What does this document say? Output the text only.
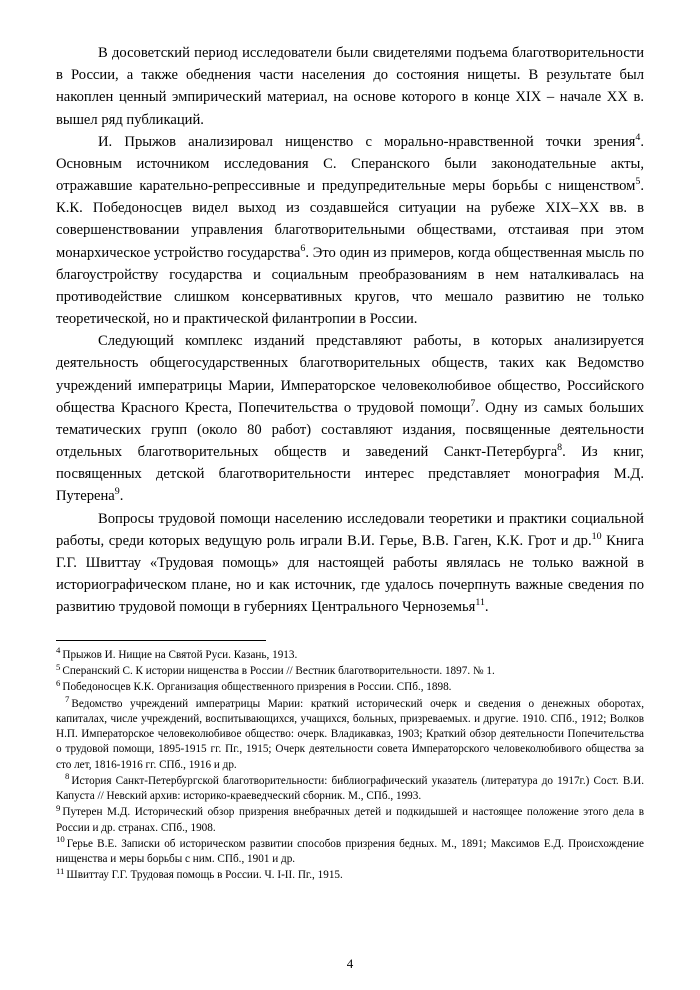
В досоветский период исследователи были свидетелями подъема благотворительности в России, а также обеднения части населения до состояния нищеты. В результате был накоплен ценный эмпирический материал, на основе которого в конце XIX – начале XX в. вышел ряд публикаций.

И. Прыжов анализировал нищенство с морально-нравственной точки зрения$^4$. Основным источником исследования С. Сперанского были законодательные акты, отражавшие карательно-репрессивные и предупредительные меры борьбы с нищенством$^5$. К.К. Победоносцев видел выход из создавшейся ситуации на рубеже XIX–XX вв. в совершенствовании управления благотворительными обществами, отстаивая при этом монархическое устройство государства$^6$. Это один из примеров, когда общественная мысль по благоустройству государства и социальным преобразованиям в нем наталкивалась на противодействие слишком консервативных кругов, что мешало развитию не только теоретической, но и практической филантропии в России.

Следующий комплекс изданий представляют работы, в которых анализируется деятельность общегосударственных благотворительных обществ, таких как Ведомство учреждений императрицы Марии, Императорское человеколюбивое общество, Российского общества Красного Креста, Попечительства о трудовой помощи$^7$. Одну из самых больших тематических групп (около 80 работ) составляют издания, посвященные деятельности отдельных благотворительных обществ и заведений Санкт-Петербурга$^8$. Из книг, посвященных детской благотворительности интерес представляет монография М.Д. Путерена$^9$.

Вопросы трудовой помощи населению исследовали теоретики и практики социальной работы, среди которых ведущую роль играли В.И. Герье, В.В. Гаген, К.К. Грот и др.$^{10}$ Книга Г.Г. Швиттау «Трудовая помощь» для настоящей работы являлась не только важной в историографическом плане, но и как источник, где удалось почерпнуть важные сведения по развитию трудовой помощи в губерниях Центрального Черноземья$^{11}$.

$^4$ Прыжов И. Нищие на Святой Руси. Казань, 1913.

$^5$ Сперанский С. К истории нищенства в России // Вестник благотворительности. 1897. № 1.

$^6$ Победоносцев К.К. Организация общественного призрения в России. СПб., 1898.

$^7$ Ведомство учреждений императрицы Марии: краткий исторический очерк и сведения о денежных оборотах, капиталах, числе учреждений, воспитывающихся, учащихся, больных, призреваемых. и другие. 1910. СПб., 1912; Волков Н.П. Императорское человеколюбивое общество: очерк. Владикавказ, 1903; Краткий обзор деятельности Попечительства о трудовой помощи, 1895-1915 гг. Пг., 1915; Очерк деятельности совета Императорского человеколюбивого общества за сто лет, 1816-1916 гг. СПб., 1916 и др.

$^8$ История Санкт-Петербургской благотворительности: библиографический указатель (литература до 1917г.) Сост. В.И. Капуста // Невский архив: историко-краеведческий сборник. М., СПб., 1993.

$^9$ Путерен М.Д. Исторический обзор призрения внебрачных детей и подкидышей и настоящее положение этого дела в России и др. странах. СПб., 1908.

$^{10}$ Герье В.Е. Записки об историческом развитии способов призрения бедных. М., 1891; Максимов Е.Д. Происхождение нищенства и меры борьбы с ним. СПб., 1901 и др.

$^{11}$ Швиттау Г.Г. Трудовая помощь в России. Ч. I-II. Пг., 1915.

4
